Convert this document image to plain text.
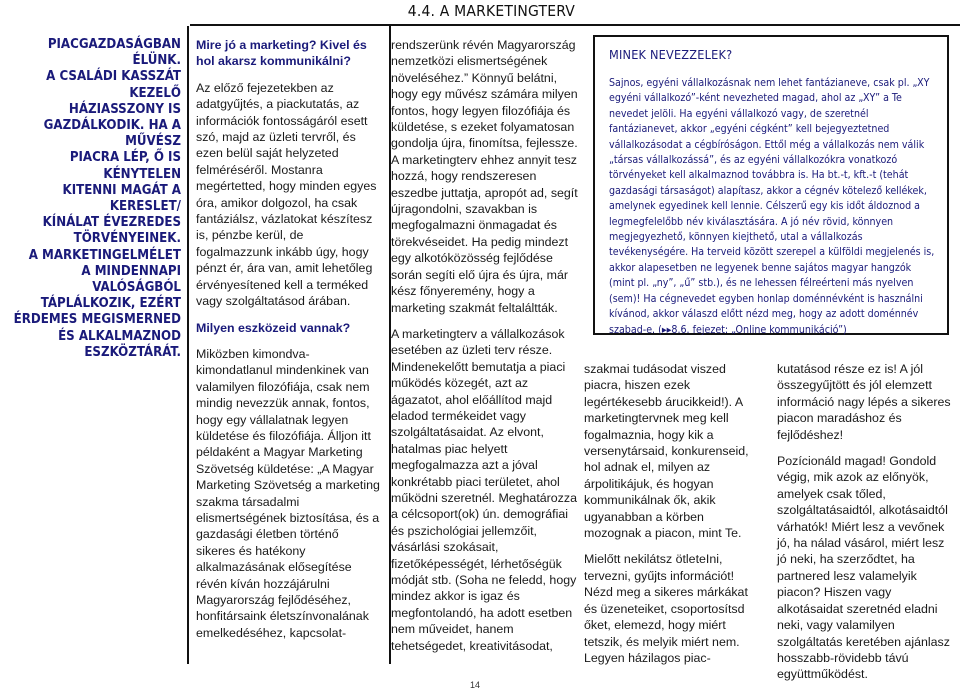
4.4. A MARKETINGTERV
PIACGAZDASÁGBAN ÉLÜNK.
A CSALÁDI KASSZÁT KEZELŐ
HÁZIASSZONY IS
GAZDÁLKODIK. HA A MŰVÉSZ
PIACRA LÉP, Ő IS KÉNYTELEN
KITENNI MAGÁT A KERESLET/
KÍNÁLAT ÉVEZREDES
TÖRVÉNYEINEK.
A MARKETINGELMÉLET
A MINDENNAPI VALÓSÁGBÓL
TÁPLÁLKOZIK, EZÉRT
ÉRDEMES MEGISMERNED
ÉS ALKALMAZNOD
ESZKÖZTÁRÁT.

Mire jó a marketing? Kivel és hol akarsz kommunikálni?

Az előző fejezetekben az adatgyűjtés, a piackutatás, az információk fontosságáról esett szó, majd az üzleti tervről, és ezen belül saját helyzeted felméréséről. Mostanra megértetted, hogy minden egyes óra, amikor dolgozol, ha csak fantáziálsz, vázlatokat készítesz is, pénzbe kerül, de fogalmazzunk inkább úgy, hogy pénzt ér, ára van, amit lehetőleg érvényesítened kell a terméked vagy szolgáltatásod árában.

Milyen eszközeid vannak?

Miközben kimondva-kimondatlanul mindenkinek van valamilyen filozófiája, csak nem mindig nevezzük annak, fontos, hogy egy vállalatnak legyen küldetése és filozófiája. Álljon itt példaként a Magyar Marketing Szövetség küldetése: „A Magyar Marketing Szövetség a marketing szakma társadalmi elismertségének biztosítása, és a gazdasági életben történő sikeres és hatékony alkalmazásának elősegítése révén kíván hozzájárulni Magyarország fejlődéséhez, honfitársaink életszínvonalának emelkedéséhez, kapcsolat-

rendszerünk révén Magyarország nemzetközi elismertségének növeléséhez.” Könnyű belátni, hogy egy művész számára milyen fontos, hogy legyen filozófiája és küldetése, s ezeket folyamatosan gondolja újra, finomítsa, fejlessze. A marketingterv ehhez annyit tesz hozzá, hogy rendszeresen eszedbe juttatja, apropót ad, segít újragondolni, szavakban is megfogalmazni önmagadat és törekvéseidet. Ha pedig mindezt egy alkotóközösség fejlődése során segíti elő újra és újra, már kész főnyeremény, hogy a marketing szakmát feltaláltták.

A marketingterv a vállalkozások esetében az üzleti terv része. Mindenekelőtt bemutatja a piaci működés közegét, azt az ágazatot, ahol előállítod majd eladod termékeidet vagy szolgáltatásaidat. Az elvont, hatalmas piac helyett megfogalmazza azt a jóval konkrétabb piaci területet, ahol működni szeretnél. Meghatározza a célcsoport(ok) ún. demográfiai és pszichológiai jellemzőit, vásárlási szokásait, fizetőképességét, lérhetőségük módját stb. (Soha ne feledd, hogy mindez akkor is igaz és megfontolandó, ha adott esetben nem műveidet, hanem tehetségedet, kreativitásodat,

MINEK NEVEZZELEK?
Sajnos, egyéni vállalkozásnak nem lehet fantázianeve, csak pl. „XY egyéni vállalkozó”-ként nevezheted magad, ahol az „XY” a Te nevedet jelöli. Ha egyéni vállalkozó vagy, de szeretnél fantázianevet, akkor „egyéni cégként” kell bejegyeztetned vállalkozásodat a cégbíróságon. Ettől még a vállalkozás nem válik „társas vállalkozássá”, és az egyéni vállalkozókra vonatkozó törvényeket kell alkalmaznod továbbra is. Ha bt.-t, kft.-t (tehát gazdasági társaságot) alapítasz, akkor a cégnév kötelező kellékek, amelynek egyedinek kell lennie. Célszerű egy kis időt áldoznod a legmegfelelőbb név kiválasztására. A jó név rövid, könnyen megjegyezhető, könnyen kiejthető, utal a vállalkozás tevékenységére. Ha terveid között szerepel a külföldi megjelenés is, akkor alapesetben ne legyenek benne sajátos magyar hangzók (mint pl. „ny”, „ű” stb.), és ne lehessen félreérteni más nyelven (sem)! Ha cégnevedet egyben honlap doménnévként is használni kívánod, akkor válaszd előtt nézd meg, hogy az adott doménnév szabad-e. (▸▸8.6. fejezet: „Online kommunikáció”)

szakmai tudásodat viszed piacra, hiszen ezek legértékesebb árucikkeid!). A marketingtervnek meg kell fogalmaznia, hogy kik a versenytársaid, konkurenseid, hol adnak el, milyen az árpolitikájuk, és hogyan kommunikálnak ők, akik ugyanabban a körben mozognak a piacon, mint Te.

Mielőtt nekilátsz ötleteIni, tervezni, gyűjts információt! Nézd meg a sikeres márkákat és üzeneteiket, csoportosítsd őket, elemezd, hogy miért tetszik, és melyik miért nem. Legyen házilagos piac-

kutatásod része ez is! A jól összegyűjtött és jól elemzett információ nagy lépés a sikeres piacon maradáshoz és fejlődéshez!

Pozícionáld magad! Gondold végig, mik azok az előnyök, amelyek csak tőled, szolgáltatásaidtól, alkotásaidtól várhatók! Miért lesz a vevőnek jó, ha nálad vásárol, miért lesz jó neki, ha szerződtet, ha partnered lesz valamelyik piacon? Hiszen vagy alkotásaidat szeretnéd eladni neki, vagy valamilyen szolgáltatás keretében ajánlasz hosszabb-rövidebb távú együttműködést.

14
